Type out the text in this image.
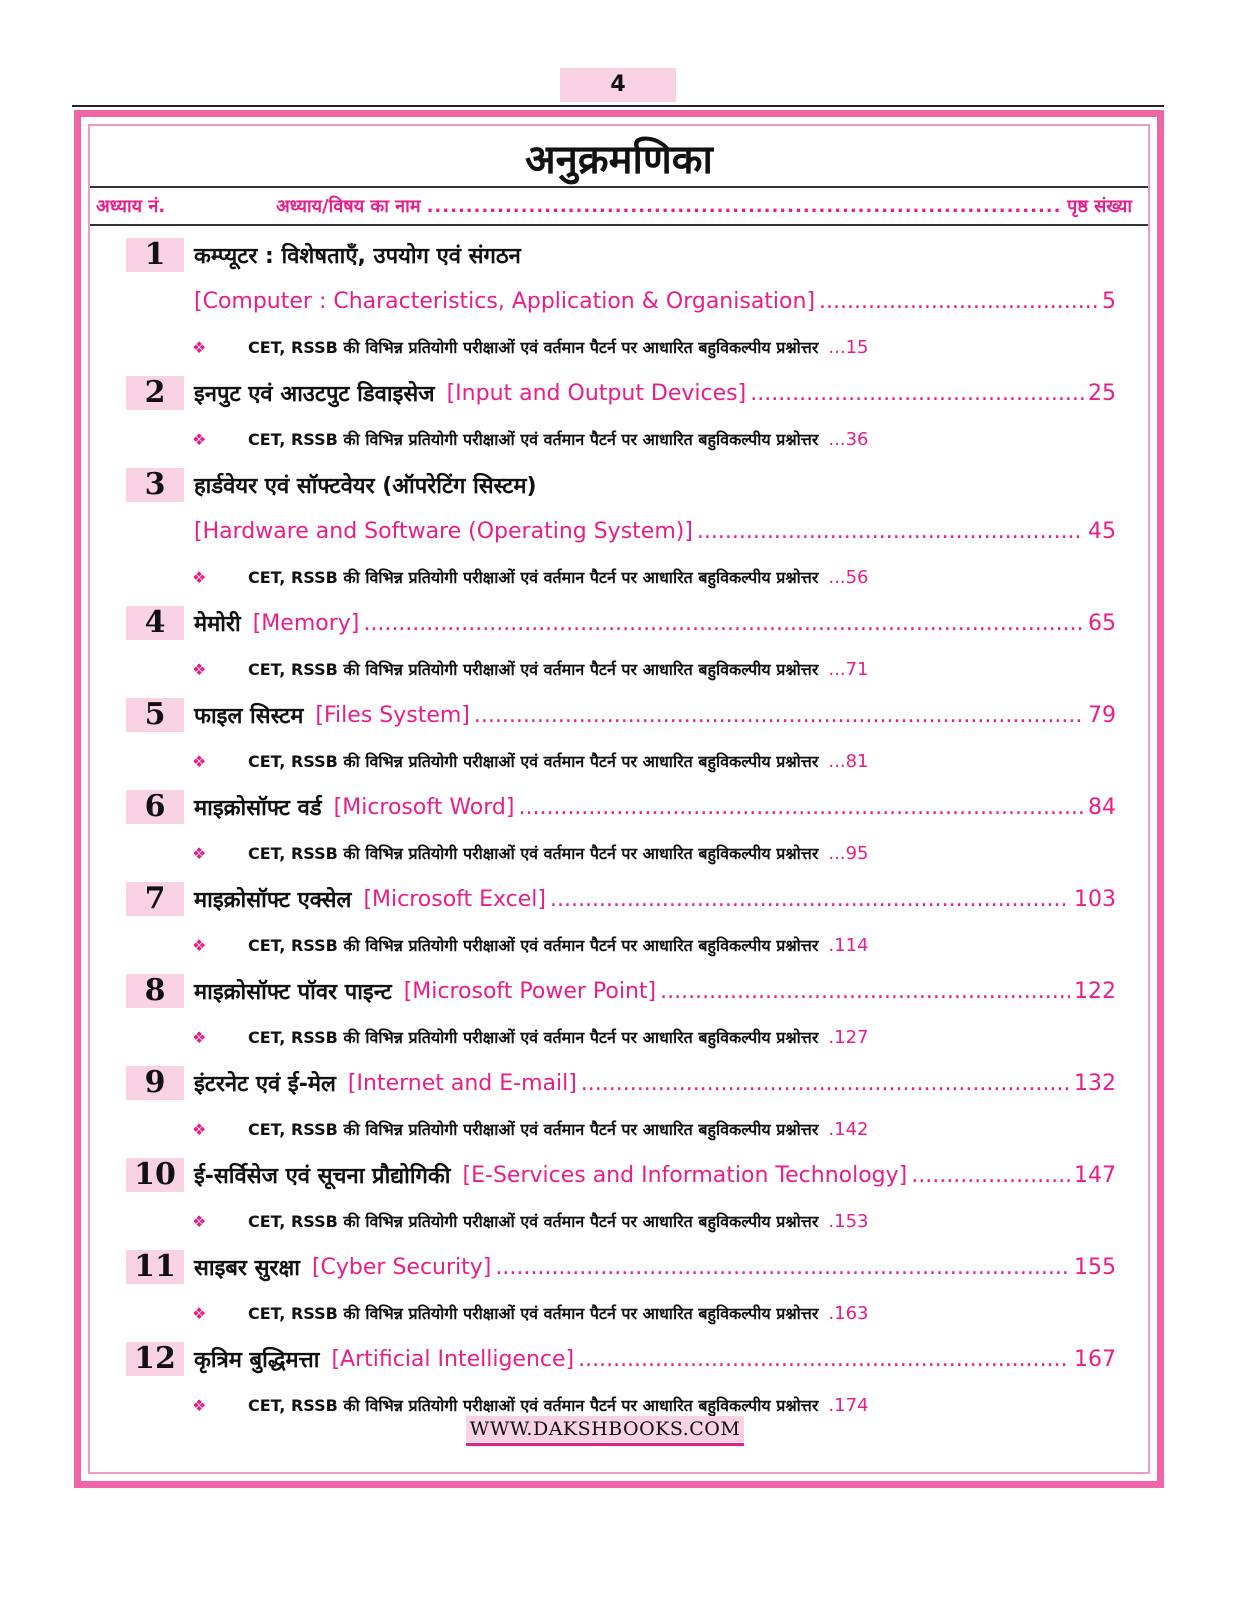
4
अनुक्रमणिका
अध्याय नं.	अध्याय/विषय का नाम .....	पृष्ठ संख्या
1	कम्प्यूटर : विशेषताएँ, उपयोग एवं संगठन
[Computer : Characteristics, Application & Organisation] .....	5
❖	CET, RSSB की विभिन्न प्रतियोगी परीक्षाओं एवं वर्तमान पैटर्न पर आधारित बहुविकल्पीय प्रश्नोत्तर ...15
2	इनपुट एवं आउटपुट डिवाइसेज [Input and Output Devices] .....	25
❖	CET, RSSB की विभिन्न प्रतियोगी परीक्षाओं एवं वर्तमान पैटर्न पर आधारित बहुविकल्पीय प्रश्नोत्तर ...36
3	हार्डवेयर एवं सॉफ्टवेयर (ऑपरेटिंग सिस्टम)
[Hardware and Software (Operating System)] .....	45
❖	CET, RSSB की विभिन्न प्रतियोगी परीक्षाओं एवं वर्तमान पैटर्न पर आधारित बहुविकल्पीय प्रश्नोत्तर ...56
4	मेमोरी [Memory] .....	65
❖	CET, RSSB की विभिन्न प्रतियोगी परीक्षाओं एवं वर्तमान पैटर्न पर आधारित बहुविकल्पीय प्रश्नोत्तर ...71
5	फाइल सिस्टम [Files System] .....	79
❖	CET, RSSB की विभिन्न प्रतियोगी परीक्षाओं एवं वर्तमान पैटर्न पर आधारित बहुविकल्पीय प्रश्नोत्तर ...81
6	माइक्रोसॉफ्ट वर्ड [Microsoft Word] .....	84
❖	CET, RSSB की विभिन्न प्रतियोगी परीक्षाओं एवं वर्तमान पैटर्न पर आधारित बहुविकल्पीय प्रश्नोत्तर ...95
7	माइक्रोसॉफ्ट एक्सेल [Microsoft Excel] .....	103
❖	CET, RSSB की विभिन्न प्रतियोगी परीक्षाओं एवं वर्तमान पैटर्न पर आधारित बहुविकल्पीय प्रश्नोत्तर .114
8	माइक्रोसॉफ्ट पॉवर पाइन्ट [Microsoft Power Point] .....	122
❖	CET, RSSB की विभिन्न प्रतियोगी परीक्षाओं एवं वर्तमान पैटर्न पर आधारित बहुविकल्पीय प्रश्नोत्तर .127
9	इंटरनेट एवं ई-मेल [Internet and E-mail] .....	132
❖	CET, RSSB की विभिन्न प्रतियोगी परीक्षाओं एवं वर्तमान पैटर्न पर आधारित बहुविकल्पीय प्रश्नोत्तर .142
10 ई-सर्विसेज एवं सूचना प्रौद्योगिकी [E-Services and Information Technology] .....	147
❖	CET, RSSB की विभिन्न प्रतियोगी परीक्षाओं एवं वर्तमान पैटर्न पर आधारित बहुविकल्पीय प्रश्नोत्तर .153
11 साइबर सुरक्षा [Cyber Security] .....	155
❖	CET, RSSB की विभिन्न प्रतियोगी परीक्षाओं एवं वर्तमान पैटर्न पर आधारित बहुविकल्पीय प्रश्नोत्तर .163
12 कृत्रिम बुद्धिमत्ता [Artificial Intelligence] .....	167
❖	CET, RSSB की विभिन्न प्रतियोगी परीक्षाओं एवं वर्तमान पैटर्न पर आधारित बहुविकल्पीय प्रश्नोत्तर .174
WWW.DAKSHBOOKS.COM
